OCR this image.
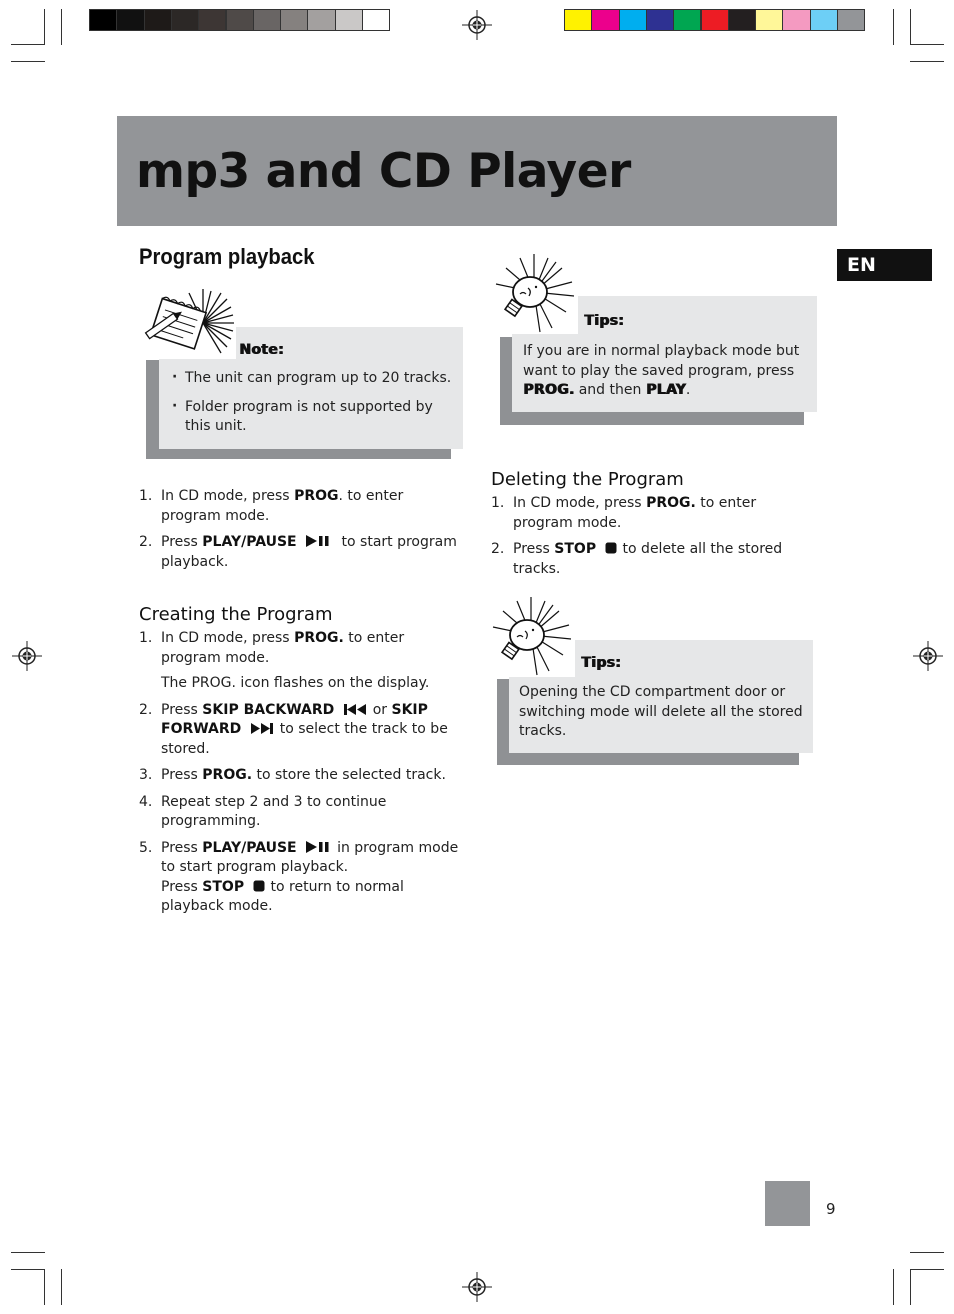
mp3 and CD Player
EN
Program playback
Note:
· The unit can program up to 20 tracks.
· Folder program is not supported by this unit.
1. In CD mode, press PROG. to enter program mode.
2. Press PLAY/PAUSE	to start program playback.
Creating the Program
1. In CD mode, press PROG. to enter program mode.
The PROG. icon flashes on the display.
2. Press SKIP BACKWARD	or SKIP FORWARD	to select the track to be stored.
3. Press PROG. to store the selected track.
4. Repeat step 2 and 3 to continue programming.
5. Press PLAY/PAUSE	in program mode to start program playback.
Press STOP to return to normal playback mode.
Tips:
If you are in normal playback mode but want to play the saved program, press PROG. and then PLAY.
Deleting the Program
1. In CD mode, press PROG. to enter program mode.
2. Press STOP to delete all the stored tracks.
Tips:
Opening the CD compartment door or switching mode will delete all the stored tracks.
9
